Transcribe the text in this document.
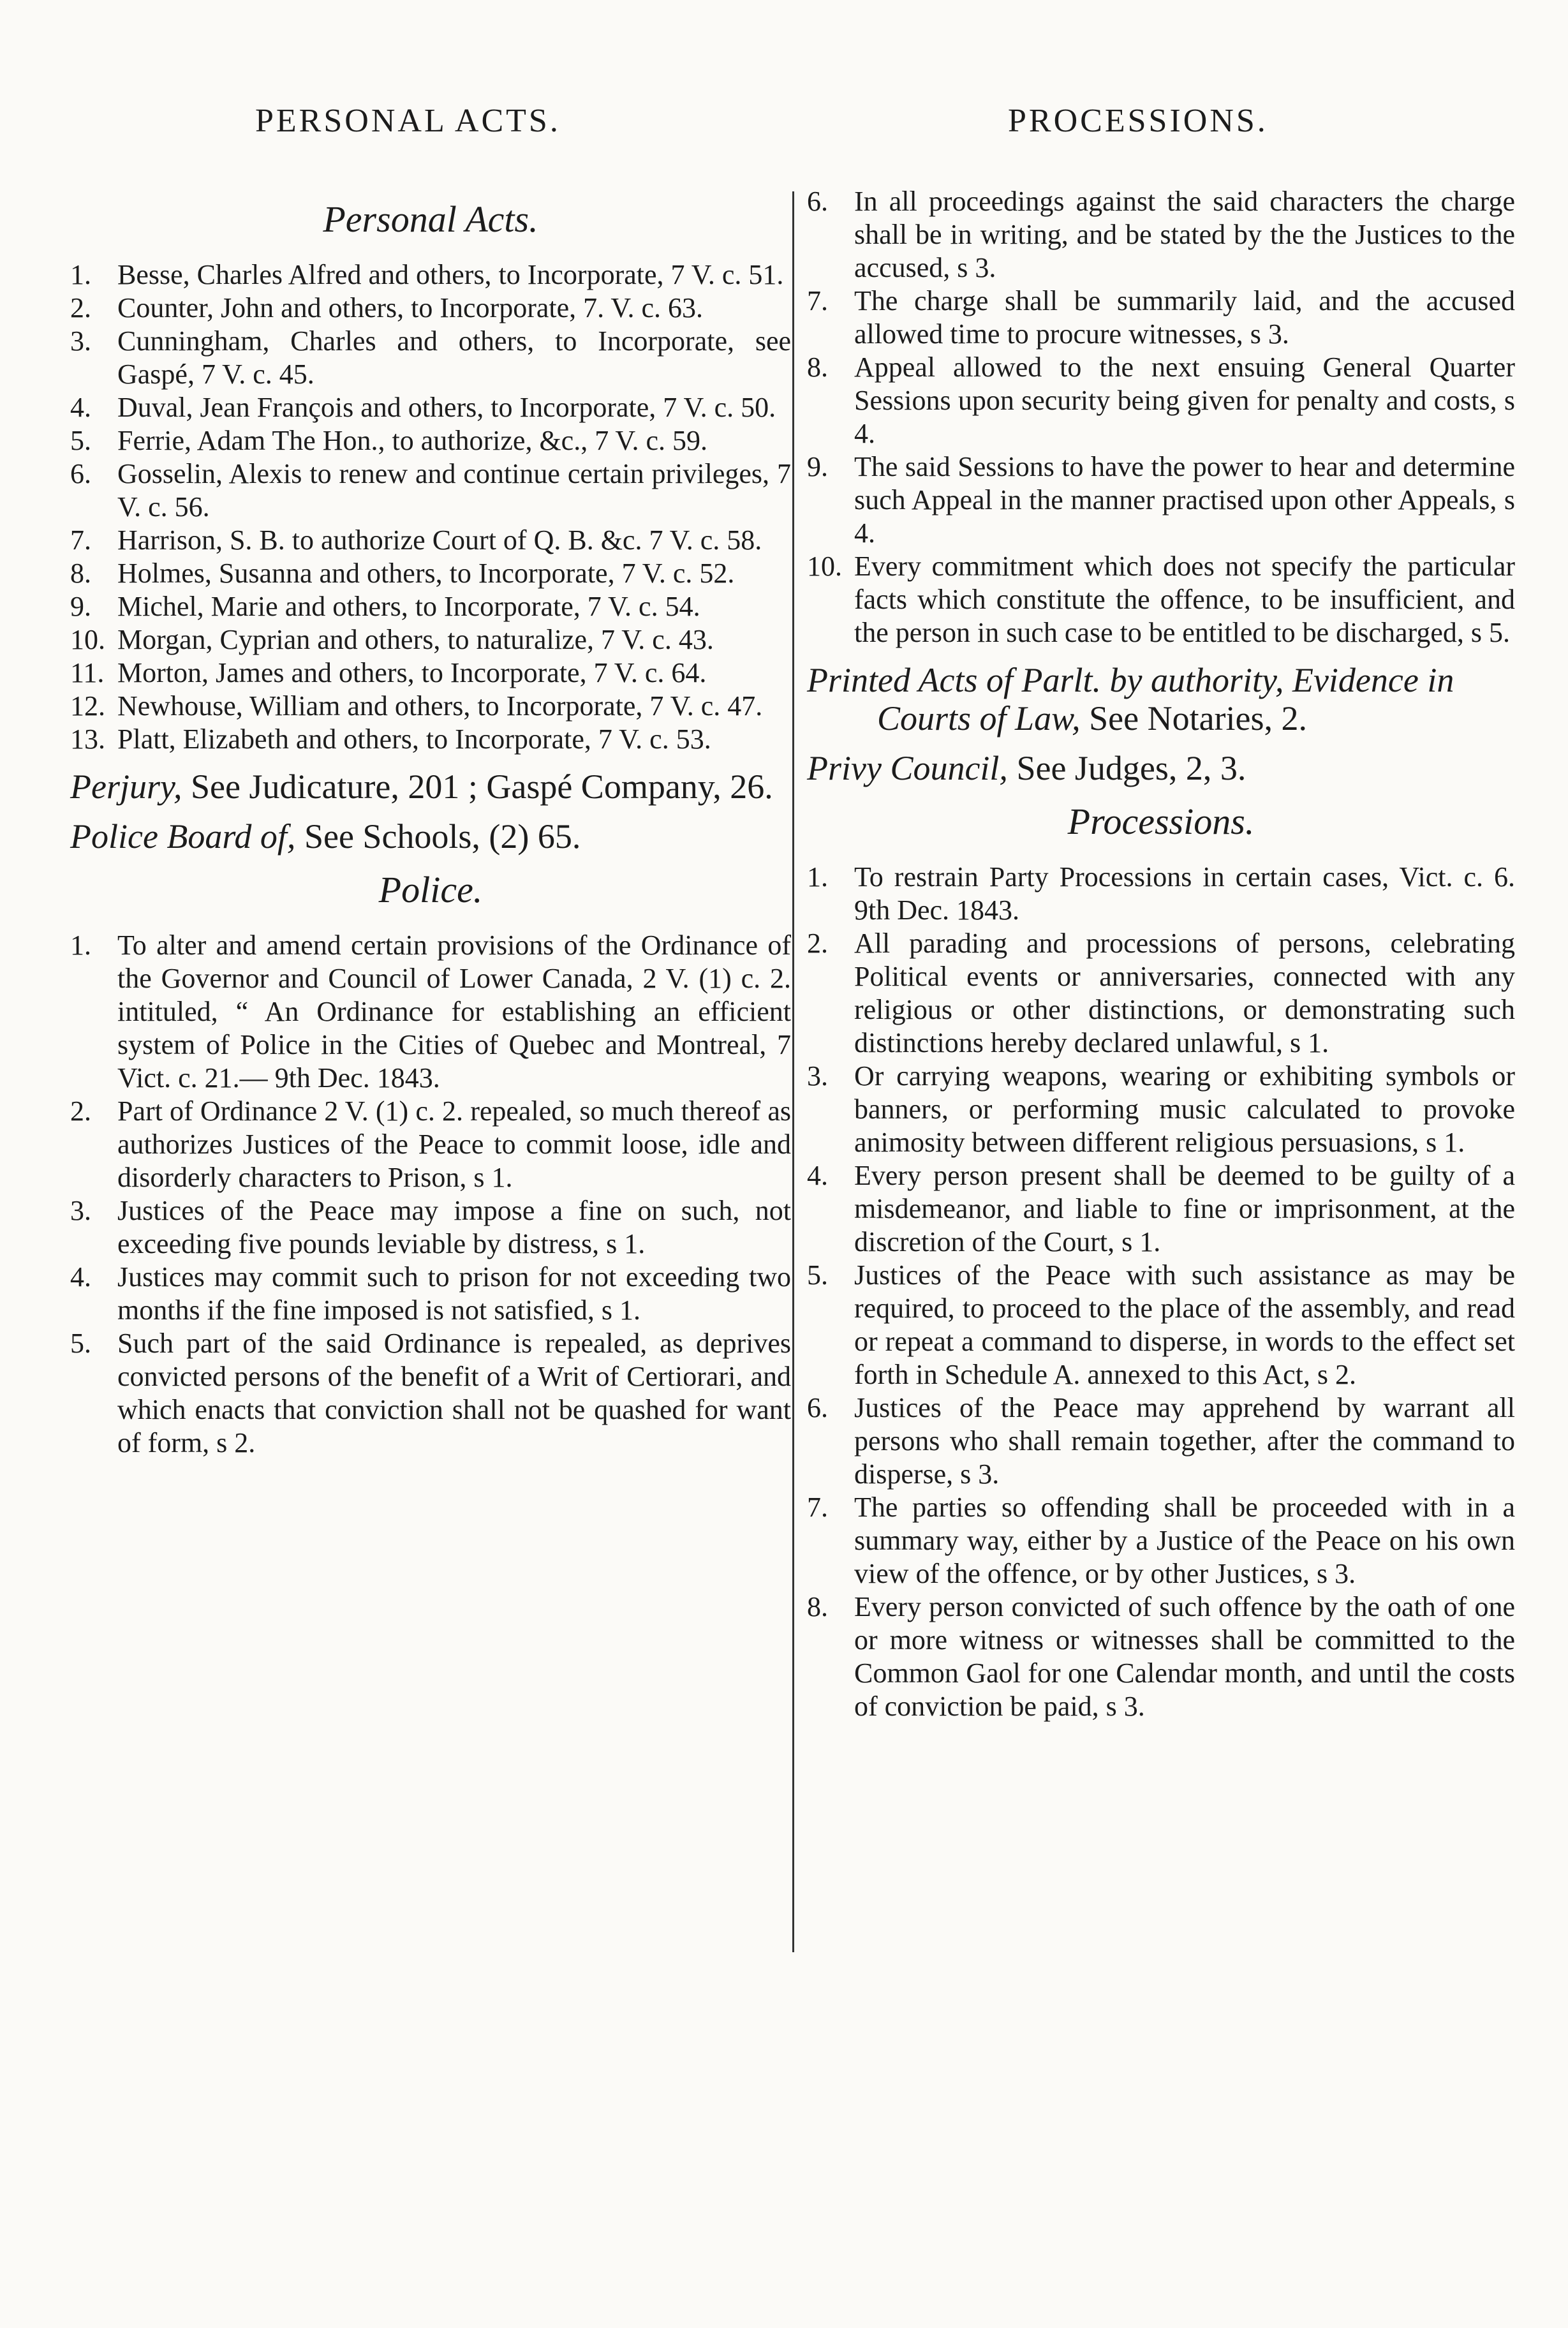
PERSONAL ACTS.	PROCESSIONS.
Personal Acts.
1. Besse, Charles Alfred and others, to Incorporate, 7 V. c. 51.
2. Counter, John and others, to Incorporate, 7. V. c. 63.
3. Cunningham, Charles and others, to Incorporate, see Gaspé, 7 V. c. 45.
4. Duval, Jean François and others, to Incorporate, 7 V. c. 50.
5. Ferrie, Adam The Hon., to authorize, &c., 7 V. c. 59.
6. Gosselin, Alexis to renew and continue certain privileges, 7 V. c. 56.
7. Harrison, S. B. to authorize Court of Q. B. &c. 7 V. c. 58.
8. Holmes, Susanna and others, to Incorporate, 7 V. c. 52.
9. Michel, Marie and others, to Incorporate, 7 V. c. 54.
10. Morgan, Cyprian and others, to naturalize, 7 V. c. 43.
11. Morton, James and others, to Incorporate, 7 V. c. 64.
12. Newhouse, William and others, to Incorporate, 7 V. c. 47.
13. Platt, Elizabeth and others, to Incorporate, 7 V. c. 53.

Perjury, See Judicature, 201 ; Gaspé Company, 26.

Police Board of, See Schools, (2) 65.

Police.
1. To alter and amend certain provisions of the Ordinance of the Governor and Council of Lower Canada, 2 V. (1) c. 2. intituled, “ An Ordinance for establishing an efficient system of Police in the Cities of Quebec and Montreal, 7 Vict. c. 21.— 9th Dec. 1843.
2. Part of Ordinance 2 V. (1) c. 2. repealed, so much thereof as authorizes Justices of the Peace to commit loose, idle and disorderly characters to Prison, s 1.
3. Justices of the Peace may impose a fine on such, not exceeding five pounds leviable by distress, s 1.
4. Justices may commit such to prison for not exceeding two months if the fine imposed is not satisfied, s 1.
5. Such part of the said Ordinance is repealed, as deprives convicted persons of the benefit of a Writ of Certiorari, and which enacts that conviction shall not be quashed for want of form, s 2.
6. In all proceedings against the said characters the charge shall be in writing, and be stated by the the Justices to the accused, s 3.
7. The charge shall be summarily laid, and the accused allowed time to procure witnesses, s 3.
8. Appeal allowed to the next ensuing General Quarter Sessions upon security being given for penalty and costs, s 4.
9. The said Sessions to have the power to hear and determine such Appeal in the manner practised upon other Appeals, s 4.
10. Every commitment which does not specify the particular facts which constitute the offence, to be insufficient, and the person in such case to be entitled to be discharged, s 5.

Printed Acts of Parlt. by authority, Evidence in Courts of Law, See Notaries, 2.

Privy Council, See Judges, 2, 3.

Processions.
1. To restrain Party Processions in certain cases, Vict. c. 6. 9th Dec. 1843.
2. All parading and processions of persons, celebrating Political events or anniversaries, connected with any religious or other distinctions, or demonstrating such distinctions hereby declared unlawful, s 1.
3. Or carrying weapons, wearing or exhibiting symbols or banners, or performing music calculated to provoke animosity between different religious persuasions, s 1.
4. Every person present shall be deemed to be guilty of a misdemeanor, and liable to fine or imprisonment, at the discretion of the Court, s 1.
5. Justices of the Peace with such assistance as may be required, to proceed to the place of the assembly, and read or repeat a command to disperse, in words to the effect set forth in Schedule A. annexed to this Act, s 2.
6. Justices of the Peace may apprehend by warrant all persons who shall remain together, after the command to disperse, s 3.
7. The parties so offending shall be proceeded with in a summary way, either by a Justice of the Peace on his own view of the offence, or by other Justices, s 3.
8. Every person convicted of such offence by the oath of one or more witness or witnesses shall be committed to the Common Gaol for one Calendar month, and until the costs of conviction be paid, s 3.
